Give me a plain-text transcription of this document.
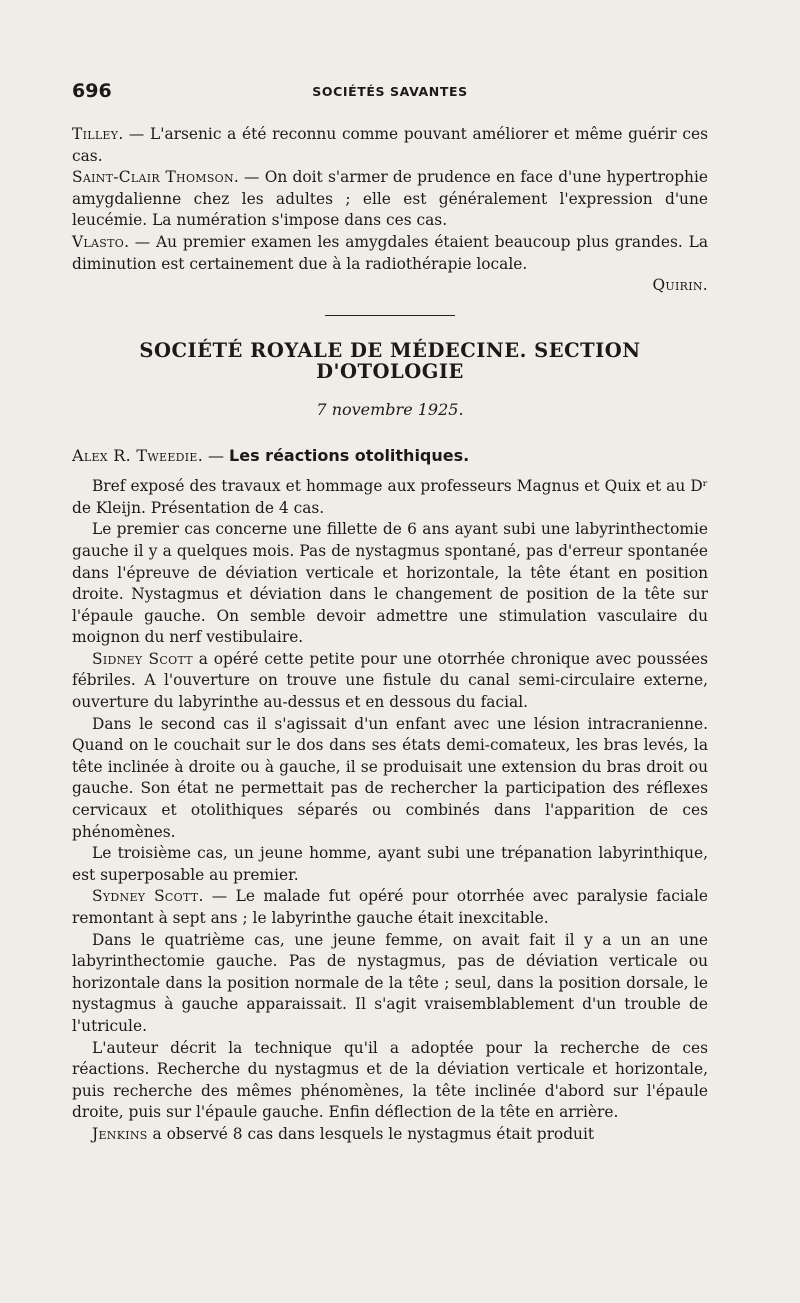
696	SOCIÉTÉS SAVANTES

Tilley. — L'arsenic a été reconnu comme pouvant améliorer et même guérir ces cas.

Saint-Clair Thomson. — On doit s'armer de prudence en face d'une hypertrophie amygdalienne chez les adultes ; elle est généralement l'expression d'une leucémie. La numération s'impose dans ces cas.

Vlasto. — Au premier examen les amygdales étaient beaucoup plus grandes. La diminution est certainement due à la radiothérapie locale.

Quirin.
SOCIÉTÉ ROYALE DE MÉDECINE. SECTION D'OTOLOGIE
7 novembre 1925.

Alex R. Tweedie. — Les réactions otolithiques.

Bref exposé des travaux et hommage aux professeurs Magnus et Quix et au Dʳ de Kleijn. Présentation de 4 cas.

Le premier cas concerne une fillette de 6 ans ayant subi une labyrinthectomie gauche il y a quelques mois. Pas de nystagmus spontané, pas d'erreur spontanée dans l'épreuve de déviation verticale et horizontale, la tête étant en position droite. Nystagmus et déviation dans le changement de position de la tête sur l'épaule gauche. On semble devoir admettre une stimulation vasculaire du moignon du nerf vestibulaire.

Sidney Scott a opéré cette petite pour une otorrhée chronique avec poussées fébriles. A l'ouverture on trouve une fistule du canal semi-circulaire externe, ouverture du labyrinthe au-dessus et en dessous du facial.

Dans le second cas il s'agissait d'un enfant avec une lésion intracranienne. Quand on le couchait sur le dos dans ses états demi-comateux, les bras levés, la tête inclinée à droite ou à gauche, il se produisait une extension du bras droit ou gauche. Son état ne permettait pas de rechercher la participation des réflexes cervicaux et otolithiques séparés ou combinés dans l'apparition de ces phénomènes.

Le troisième cas, un jeune homme, ayant subi une trépanation labyrinthique, est superposable au premier.

Sydney Scott. — Le malade fut opéré pour otorrhée avec paralysie faciale remontant à sept ans ; le labyrinthe gauche était inexcitable.

Dans le quatrième cas, une jeune femme, on avait fait il y a un an une labyrinthectomie gauche. Pas de nystagmus, pas de déviation verticale ou horizontale dans la position normale de la tête ; seul, dans la position dorsale, le nystagmus à gauche apparaissait. Il s'agit vraisemblablement d'un trouble de l'utricule.

L'auteur décrit la technique qu'il a adoptée pour la recherche de ces réactions. Recherche du nystagmus et de la déviation verticale et horizontale, puis recherche des mêmes phénomènes, la tête inclinée d'abord sur l'épaule droite, puis sur l'épaule gauche. Enfin déflection de la tête en arrière.

Jenkins a observé 8 cas dans lesquels le nystagmus était produit
